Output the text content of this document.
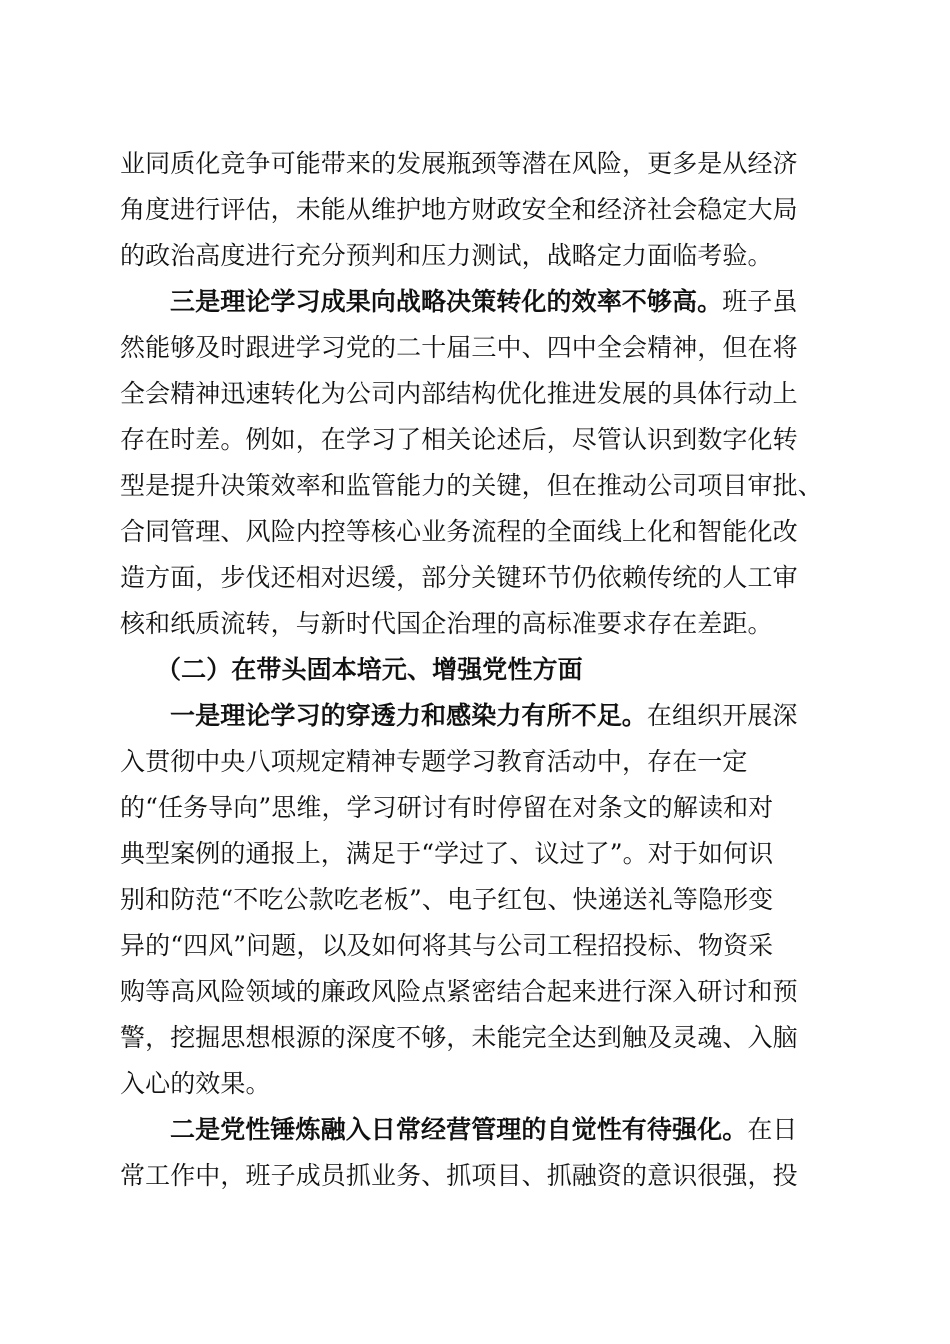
业同质化竞争可能带来的发展瓶颈等潜在风险，更多是从经济
角度进行评估，未能从维护地方财政安全和经济社会稳定大局
的政治高度进行充分预判和压力测试，战略定力面临考验。
三是理论学习成果向战略决策转化的效率不够高。班子虽
然能够及时跟进学习党的二十届三中、四中全会精神，但在将
全会精神迅速转化为公司内部结构优化推进发展的具体行动上
存在时差。例如，在学习了相关论述后，尽管认识到数字化转
型是提升决策效率和监管能力的关键，但在推动公司项目审批、
合同管理、风险内控等核心业务流程的全面线上化和智能化改
造方面，步伐还相对迟缓，部分关键环节仍依赖传统的人工审
核和纸质流转，与新时代国企治理的高标准要求存在差距。
（二）在带头固本培元、增强党性方面
一是理论学习的穿透力和感染力有所不足。在组织开展深
入贯彻中央八项规定精神专题学习教育活动中，存在一定
的“任务导向”思维，学习研讨有时停留在对条文的解读和对
典型案例的通报上，满足于“学过了、议过了”。对于如何识
别和防范“不吃公款吃老板”、电子红包、快递送礼等隐形变
异的“四风”问题，以及如何将其与公司工程招投标、物资采
购等高风险领域的廉政风险点紧密结合起来进行深入研讨和预
警，挖掘思想根源的深度不够，未能完全达到触及灵魂、入脑
入心的效果。
二是党性锤炼融入日常经营管理的自觉性有待强化。在日
常工作中，班子成员抓业务、抓项目、抓融资的意识很强，投
